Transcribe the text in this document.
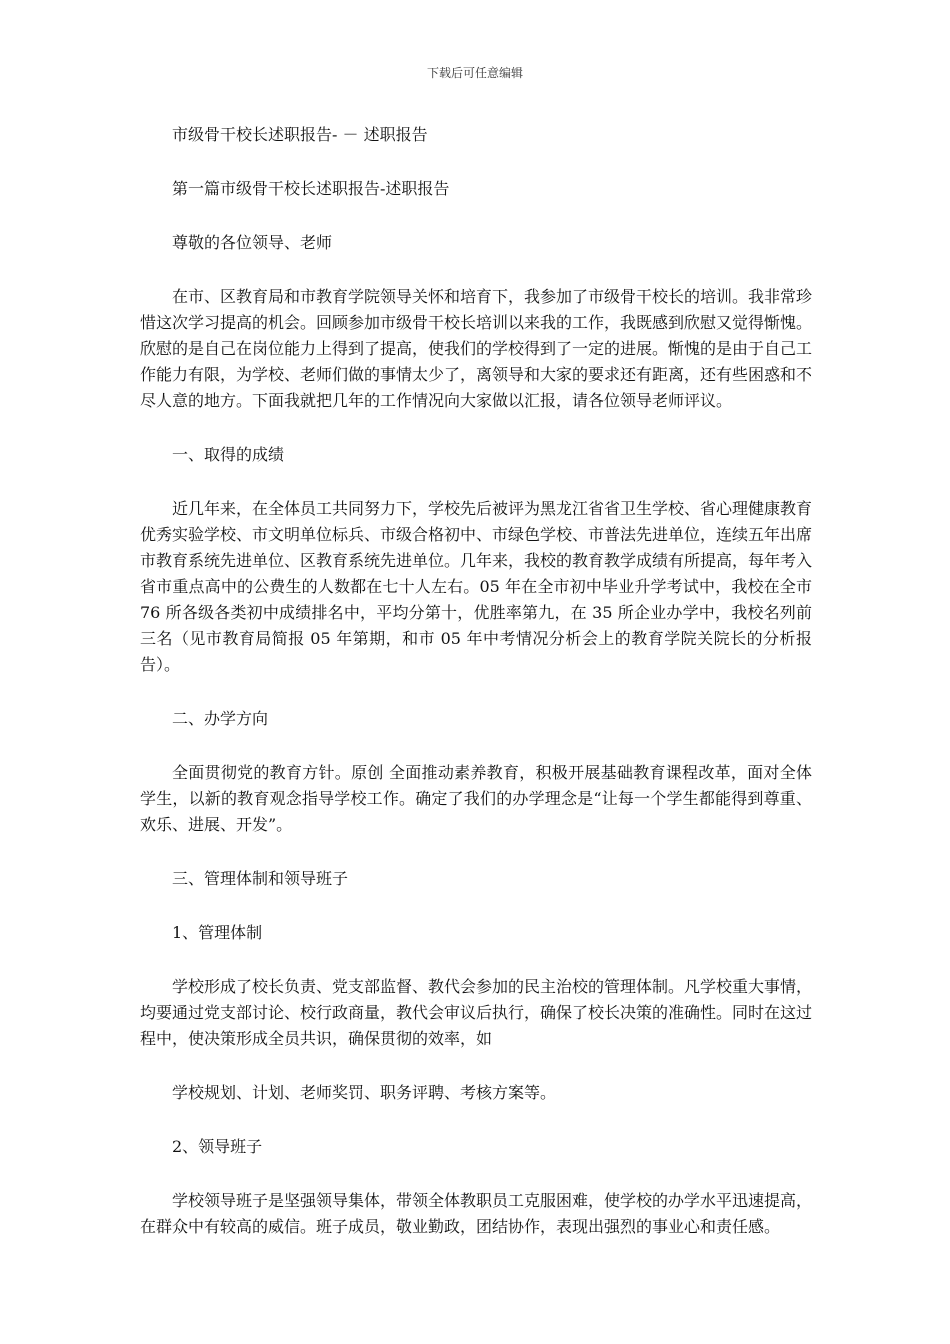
下载后可任意编辑

市级骨干校长述职报告- － 述职报告

第一篇市级骨干校长述职报告-述职报告

尊敬的各位领导、老师

在市、区教育局和市教育学院领导关怀和培育下，我参加了市级骨干校长的培训。我非常珍惜这次学习提高的机会。回顾参加市级骨干校长培训以来我的工作，我既感到欣慰又觉得惭愧。欣慰的是自己在岗位能力上得到了提高，使我们的学校得到了一定的进展。惭愧的是由于自己工作能力有限，为学校、老师们做的事情太少了，离领导和大家的要求还有距离，还有些困惑和不尽人意的地方。下面我就把几年的工作情况向大家做以汇报，请各位领导老师评议。

一、取得的成绩

近几年来，在全体员工共同努力下，学校先后被评为黑龙江省省卫生学校、省心理健康教育优秀实验学校、市文明单位标兵、市级合格初中、市绿色学校、市普法先进单位，连续五年出席市教育系统先进单位、区教育系统先进单位。几年来，我校的教育教学成绩有所提高，每年考入省市重点高中的公费生的人数都在七十人左右。05 年在全市初中毕业升学考试中，我校在全市 76 所各级各类初中成绩排名中，平均分第十，优胜率第九，在 35 所企业办学中，我校名列前三名（见市教育局简报 05 年第期，和市 05 年中考情况分析会上的教育学院关院长的分析报告）。

二、办学方向

全面贯彻党的教育方针。原创 全面推动素养教育，积极开展基础教育课程改革，面对全体学生，以新的教育观念指导学校工作。确定了我们的办学理念是“让每一个学生都能得到尊重、欢乐、进展、开发”。

三、管理体制和领导班子

1、管理体制

学校形成了校长负责、党支部监督、教代会参加的民主治校的管理体制。凡学校重大事情，均要通过党支部讨论、校行政商量，教代会审议后执行，确保了校长决策的准确性。同时在这过程中，使决策形成全员共识，确保贯彻的效率，如

学校规划、计划、老师奖罚、职务评聘、考核方案等。

2、领导班子

学校领导班子是坚强领导集体，带领全体教职员工克服困难，使学校的办学水平迅速提高，在群众中有较高的威信。班子成员，敬业勤政，团结协作，表现出强烈的事业心和责任感。
